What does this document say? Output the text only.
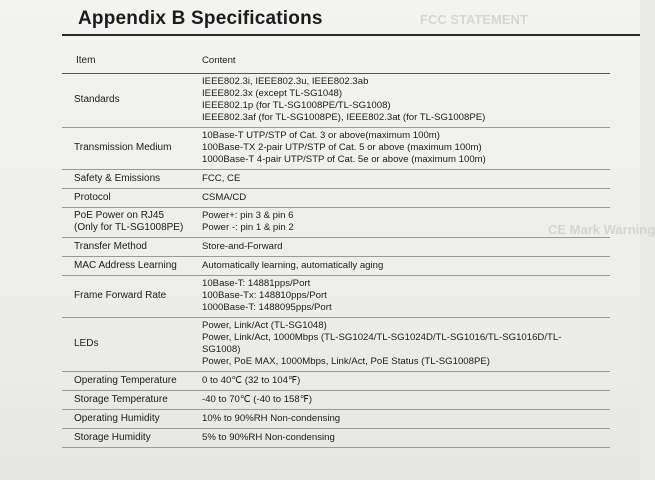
FCC STATEMENT
CE Mark Warning
Appendix B Specifications
Item	Content

Standards	IEEE802.3i, IEEE802.3u, IEEE802.3ab
IEEE802.3x (except TL-SG1048)
IEEE802.1p (for TL-SG1008PE/TL-SG1008)
IEEE802.3af (for TL-SG1008PE), IEEE802.3at (for TL-SG1008PE)

Transmission Medium	10Base-T UTP/STP of Cat. 3 or above(maximum 100m)
100Base-TX 2-pair UTP/STP of Cat. 5 or above (maximum 100m)
1000Base-T 4-pair UTP/STP of Cat. 5e or above (maximum 100m)

Safety & Emissions	FCC, CE

Protocol	CSMA/CD

PoE Power on RJ45
(Only for TL-SG1008PE)	Power+: pin 3 & pin 6
Power -: pin 1 & pin 2

Transfer Method	Store-and-Forward

MAC Address Learning	Automatically learning, automatically aging

Frame Forward Rate	10Base-T: 14881pps/Port
100Base-Tx: 148810pps/Port
1000Base-T: 1488095pps/Port

LEDs	Power, Link/Act (TL-SG1048)
Power, Link/Act, 1000Mbps (TL-SG1024/TL-SG1024D/TL-SG1016/TL-SG1016D/TL-
SG1008)
Power, PoE MAX, 1000Mbps, Link/Act, PoE Status (TL-SG1008PE)

Operating Temperature	0 to 40℃ (32 to 104℉)

Storage Temperature	-40 to 70℃ (-40 to 158℉)

Operating Humidity	10% to 90%RH Non-condensing

Storage Humidity	5% to 90%RH Non-condensing
